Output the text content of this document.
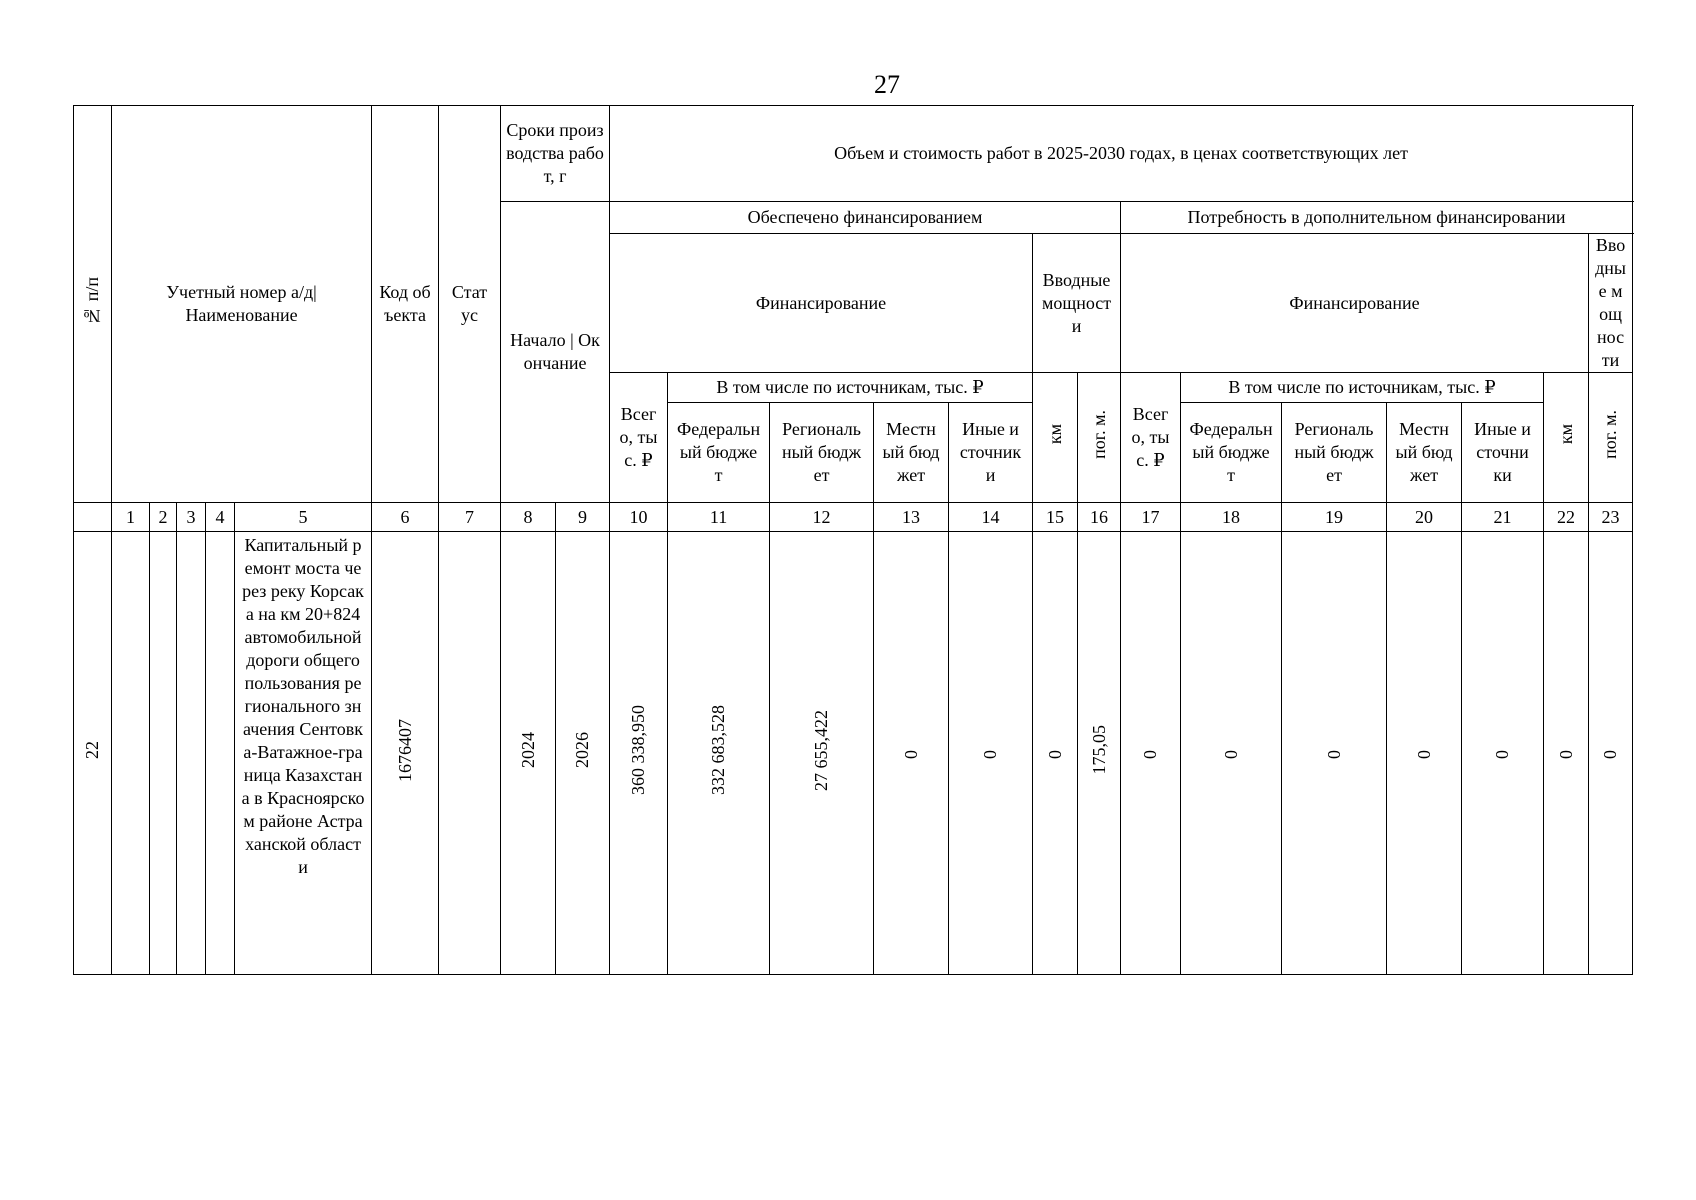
27
№ п/п	Учетный номер а/д|
Наименование					Код объекта	Статус	Сроки производства работ, г		Объем и стоимость работ в 2025-2030 годах, в ценах соответствующих лет													
								Начало | Окончание		Обеспечено финансированием							Потребность в дополнительном финансировании						
										Финансирование					Вводные мощности		Финансирование						Вводные мощности
										Всего, тыс. ₽	В том числе по источникам, тыс. ₽				км	пог. м.	Всего, тыс. ₽	В том числе по источникам, тыс. ₽				км	пог. м.
											Федеральный бюджет	Региональный бюджет	Местный бюджет	Иные источники				Федеральный бюджет	Региональный бюджет	Местный бюджет	Иные источники		
	1	2	3	4	5	6	7	8	9	10	11	12	13	14	15	16	17	18	19	20	21	22	23
22					Капитальный ремонт моста через реку Корсака на км 20+824 автомобильной дороги общего пользования регионального значения Сентовка-Ватажное-граница Казахстана в Красноярском районе Астраханской области	1676407		2024	2026	360 338,950	332 683,528	27 655,422	0	0	0	175,05	0	0	0	0	0	0	0
